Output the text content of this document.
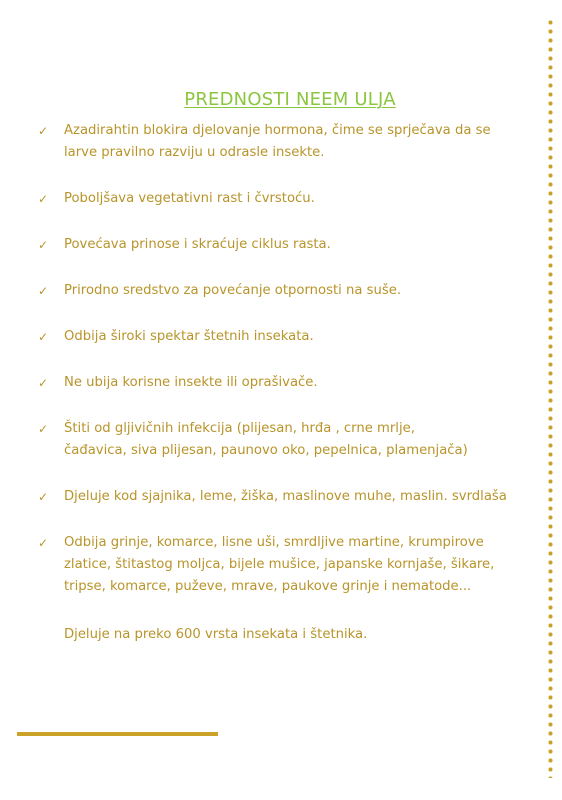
PREDNOSTI NEEM ULJA
✓ Azadirahtin blokira djelovanje hormona, čime se sprječava da se
larve pravilno razviju u odrasle insekte.
✓ Poboljšava vegetativni rast i čvrstoću.
✓ Povećava prinose i skraćuje ciklus rasta.
✓ Prirodno sredstvo za povećanje otpornosti na suše.
✓ Odbija široki spektar štetnih insekata.
✓ Ne ubija korisne insekte ili oprašivače.
✓ Štiti od gljivičnih infekcija (plijesan, hrđa , crne mrlje,
čađavica, siva plijesan, paunovo oko, pepelnica, plamenjača)
✓ Djeluje kod sjajnika, leme, žiška, maslinove muhe, maslin. svrdlaša
✓ Odbija grinje, komarce, lisne uši, smrdljive martine, krumpirove
zlatice, štitastog moljca, bijele mušice, japanske kornjaše, šikare,
tripse, komarce, puževe, mrave, paukove grinje i nematode...
Djeluje na preko 600 vrsta insekata i štetnika.
